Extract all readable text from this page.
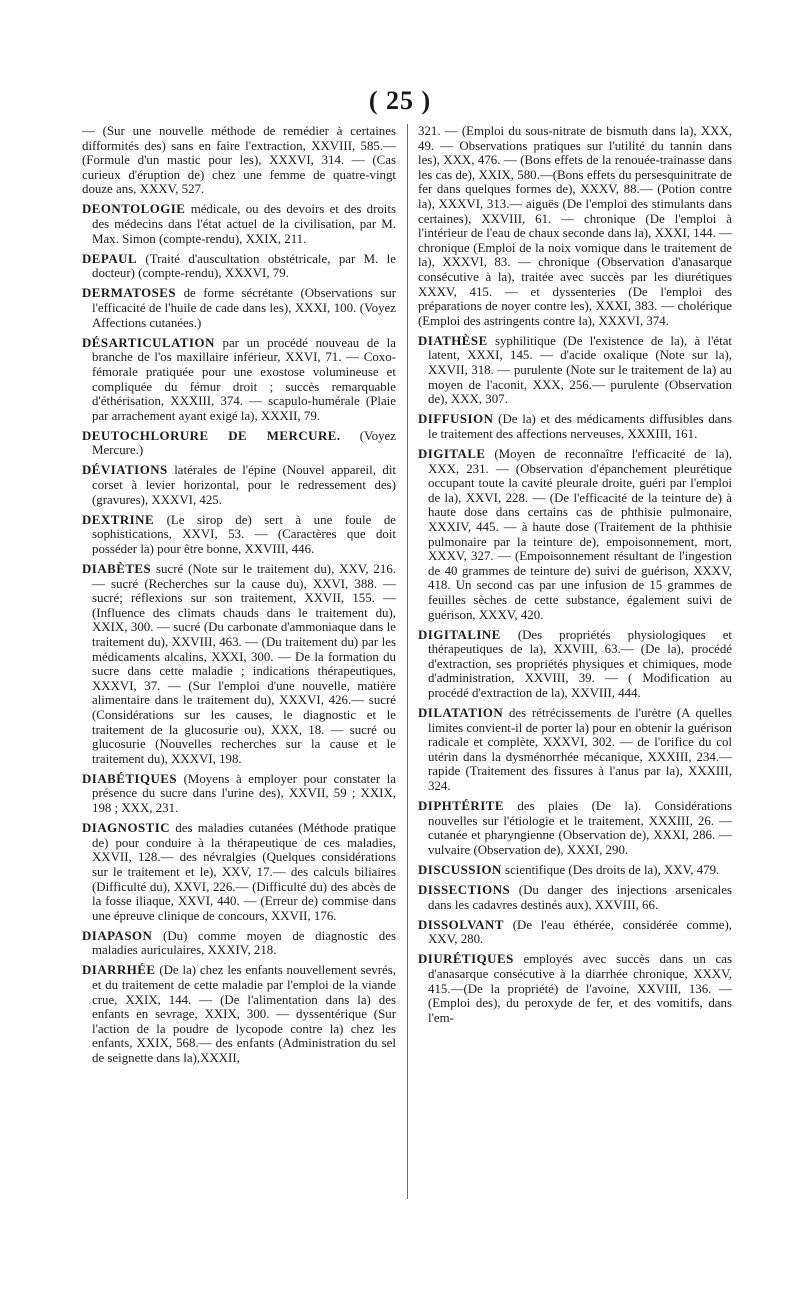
( 25 )

— (Sur une nouvelle méthode de remédier à certaines difformités des) sans en faire l'extraction, XXVIII, 585.—(Formule d'un mastic pour les), XXXVI, 314. — (Cas curieux d'éruption de) chez une femme de quatre-vingt douze ans, XXXV, 527.

DEONTOLOGIE médicale, ou des devoirs et des droits des médecins dans l'état actuel de la civilisation, par M. Max. Simon (compte-rendu), XXIX, 211.

DEPAUL (Traité d'auscultation obstétricale, par M. le docteur) (compte-rendu), XXXVI, 79.

DERMATOSES de forme sécrétante (Observations sur l'efficacité de l'huile de cade dans les), XXXI, 100. (Voyez Affections cutanées.)

DÉSARTICULATION par un procédé nouveau de la branche de l'os maxillaire inférieur, XXVI, 71. — Coxo-fémorale pratiquée pour une exostose volumineuse et compliquée du fémur droit ; succès remarquable d'éthérisation, XXXIII, 374. — scapulo-humérale (Plaie par arrachement ayant exigé la), XXXII, 79.

DEUTOCHLORURE DE MERCURE. (Voyez Mercure.)

DÉVIATIONS latérales de l'épine (Nouvel appareil, dit corset à levier horizontal, pour le redressement des) (gravures), XXXVI, 425.

DEXTRINE (Le sirop de) sert à une foule de sophistications, XXVI, 53. — (Caractères que doit posséder la) pour être bonne, XXVIII, 446.

DIABÈTES sucré (Note sur le traitement du), XXV, 216. — sucré (Recherches sur la cause du), XXVI, 388. — sucré; réflexions sur son traitement, XXVII, 155. — (Influence des climats chauds dans le traitement du), XXIX, 300. — sucré (Du carbonate d'ammoniaque dans le traitement du), XXVIII, 463. — (Du traitement du) par les médicaments alcalins, XXXI, 300. — De la formation du sucre dans cette maladie ; indications thérapeutiques, XXXVI, 37. — (Sur l'emploi d'une nouvelle, matière alimentaire dans le traitement du), XXXVI, 426.— sucré (Considérations sur les causes, le diagnostic et le traitement de la glucosurie ou), XXX, 18. — sucré ou glucosurie (Nouvelles recherches sur la cause et le traitement du), XXXVI, 198.

DIABÉTIQUES (Moyens à employer pour constater la présence du sucre dans l'urine des), XXVII, 59 ; XXIX, 198 ; XXX, 231.

DIAGNOSTIC des maladies cutanées (Méthode pratique de) pour conduire à la thérapeutique de ces maladies, XXVII, 128.— des névralgies (Quelques considérations sur le traitement et le), XXV, 17.— des calculs biliaires (Difficulté du), XXVI, 226.— (Difficulté du) des abcès de la fosse iliaque, XXVI, 440. — (Erreur de) commise dans une épreuve clinique de concours, XXVII, 176.

DIAPASON (Du) comme moyen de diagnostic des maladies auriculaires, XXXIV, 218.

DIARRHÉE (De la) chez les enfants nouvellement sevrés, et du traitement de cette maladie par l'emploi de la viande crue, XXIX, 144. — (De l'alimentation dans la) des enfants en sevrage, XXIX, 300. — dyssentérique (Sur l'action de la poudre de lycopode contre la) chez les enfants, XXIX, 568.— des enfants (Administration du sel de seignette dans la),XXXII,

321. — (Emploi du sous-nitrate de bismuth dans la), XXX, 49. — Observations pratiques sur l'utilité du tannin dans les), XXX, 476. — (Bons effets de la renouée-trainasse dans les cas de), XXIX, 580.—(Bons effets du persesquinitrate de fer dans quelques formes de), XXXV, 88.— (Potion contre la), XXXVI, 313.— aiguës (De l'emploi des stimulants dans certaines), XXVIII, 61. — chronique (De l'emploi à l'intérieur de l'eau de chaux seconde dans la), XXXI, 144. — chronique (Emploi de la noix vomique dans le traitement de la), XXXVI, 83. — chronique (Observation d'anasarque consécutive à la), traitée avec succès par les diurétiques XXXV, 415. — et dyssenteries (De l'emploi des préparations de noyer contre les), XXXI, 383. — cholérique (Emploi des astringents contre la), XXXVI, 374.

DIATHÈSE syphilitique (De l'existence de la), à l'état latent, XXXI, 145. — d'acide oxalique (Note sur la), XXVII, 318. — purulente (Note sur le traitement de la) au moyen de l'aconit, XXX, 256.— purulente (Observation de), XXX, 307.

DIFFUSION (De la) et des médicaments diffusibles dans le traitement des affections nerveuses, XXXIII, 161.

DIGITALE (Moyen de reconnaître l'efficacité de la), XXX, 231. — (Observation d'épanchement pleurétique occupant toute la cavité pleurale droite, guéri par l'emploi de la), XXVI, 228. — (De l'efficacité de la teinture de) à haute dose dans certains cas de phthisie pulmonaire, XXXIV, 445. — à haute dose (Traitement de la phthisie pulmonaire par la teinture de), empoisonnement, mort, XXXV, 327. — (Empoisonnement résultant de l'ingestion de 40 grammes de teinture de) suivi de guérison, XXXV, 418. Un second cas par une infusion de 15 grammes de feuilles sèches de cette substance, également suivi de guérison, XXXV, 420.

DIGITALINE (Des propriétés physiologiques et thérapeutiques de la), XXVIII, 63.— (De la), procédé d'extraction, ses propriétés physiques et chimiques, mode d'administration, XXVIII, 39. — ( Modification au procédé d'extraction de la), XXVIII, 444.

DILATATION des rétrécissements de l'urètre (A quelles limites convient-il de porter la) pour en obtenir la guérison radicale et complète, XXXVI, 302. — de l'orifice du col utérin dans la dysménorrhée mécanique, XXXIII, 234.— rapide (Traitement des fissures à l'anus par la), XXXIII, 324.

DIPHTÉRITE des plaies (De la). Considérations nouvelles sur l'étiologie et le traitement, XXXIII, 26. — cutanée et pharyngienne (Observation de), XXXI, 286. — vulvaire (Observation de), XXXI, 290.

DISCUSSION scientifique (Des droits de la), XXV, 479.

DISSECTIONS (Du danger des injections arsenicales dans les cadavres destinés aux), XXVIII, 66.

DISSOLVANT (De l'eau éthérée, considérée comme), XXV, 280.

DIURÉTIQUES employés avec succès dans un cas d'anasarque consécutive à la diarrhée chronique, XXXV, 415.—(De la propriété) de l'avoine, XXVIII, 136. — (Emploi des), du peroxyde de fer, et des vomitifs, dans l'em-
